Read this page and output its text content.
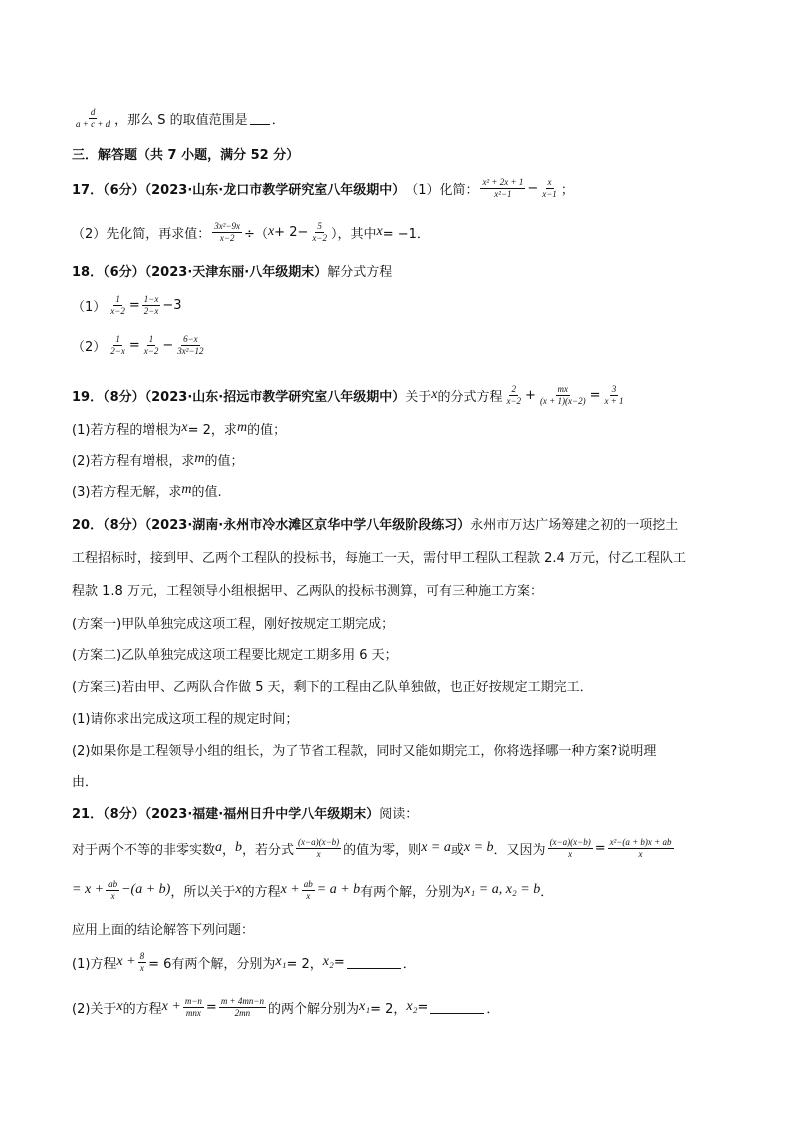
$\frac{d}{a + c + d}$ ，那么 S 的取值范围是 ．
三．解答题（共 7 小题，满分 52 分）
17．（6分）（2023·山东·龙口市教学研究室八年级期中） （1）化简： $\frac{\text{x² + 2x + 1}}{\text{x²−1}} - \frac{x}{x-1}$ ；
（2）先化简，再求值： $\frac{\text{3x²−9x}}{x-2}$ ÷（ $x + 2- \frac{5}{x-2}$ ），其中 x = −1．
18．（6分）（2023·天津东丽·八年级期末） 解分式方程
$(1) \frac{1}{x-2} = \frac{1-x}{2-x} -3$
$(2) \frac{1}{2-x} = \frac{1}{x-2} - \frac{6-x}{\text{3x²−12}}$
19．（8分）（2023·山东·招远市教学研究室八年级期中） 关于 x 的分式方程 $\frac{2}{x-2} + \frac{mx}{(x + 1)(x-2)} = \frac{3}{x + 1}$
(1)若方程的增根为 x = 2，求 m 的值；
(2)若方程有增根，求 m 的值；
(3)若方程无解，求 m 的值.
20．（8分）（2023·湖南·永州市冷水滩区京华中学八年级阶段练习） 永州市万达广场筹建之初的一项挖土
工程招标时，接到甲、乙两个工程队的投标书，每施工一天，需付甲工程队工程款 2.4 万元，付乙工程队工
程款 1.8 万元，工程领导小组根据甲、乙两队的投标书测算，可有三种施工方案：
(方案一)甲队单独完成这项工程，刚好按规定工期完成；
(方案二)乙队单独完成这项工程要比规定工期多用 6 天；
(方案三)若由甲、乙两队合作做 5 天，剩下的工程由乙队单独做，也正好按规定工期完工．
(1)请你求出完成这项工程的规定时间；
(2)如果你是工程领导小组的组长，为了节省工程款，同时又能如期完工，你将选择哪一种方案?说明理
由．
21．（8分）（2023·福建·福州日升中学八年级期末） 阅读：
对于两个不等的非零实数 a ， b ，若分式 $\frac{(x-a)(x-b)}{x}$ 的值为零，则 x = a 或 x = b ．又因为 $\frac{(x-a)(x-b)}{x} = \frac{\text{x²−(a + b)x + ab}}{x}$
= $x + \frac{ab}{x} -(a + b)$ ，所以关于 x 的方程 $x + \frac{ab}{x} = a + b$ 有两个解，分别为 x₁ = a, x₂ = b ．
应用上面的结论解答下列问题：
(1)方程 $x + \frac{8}{x} = 6$有两个解，分别为 x₁ = 2， x₂ =	．
(2)关于 x 的方程 $x + \frac{m-n}{\text{mnx}} = \frac{m + 4mn-n}{2mn}$ 的两个解分别为 x₁ = 2， x₂ =	．
